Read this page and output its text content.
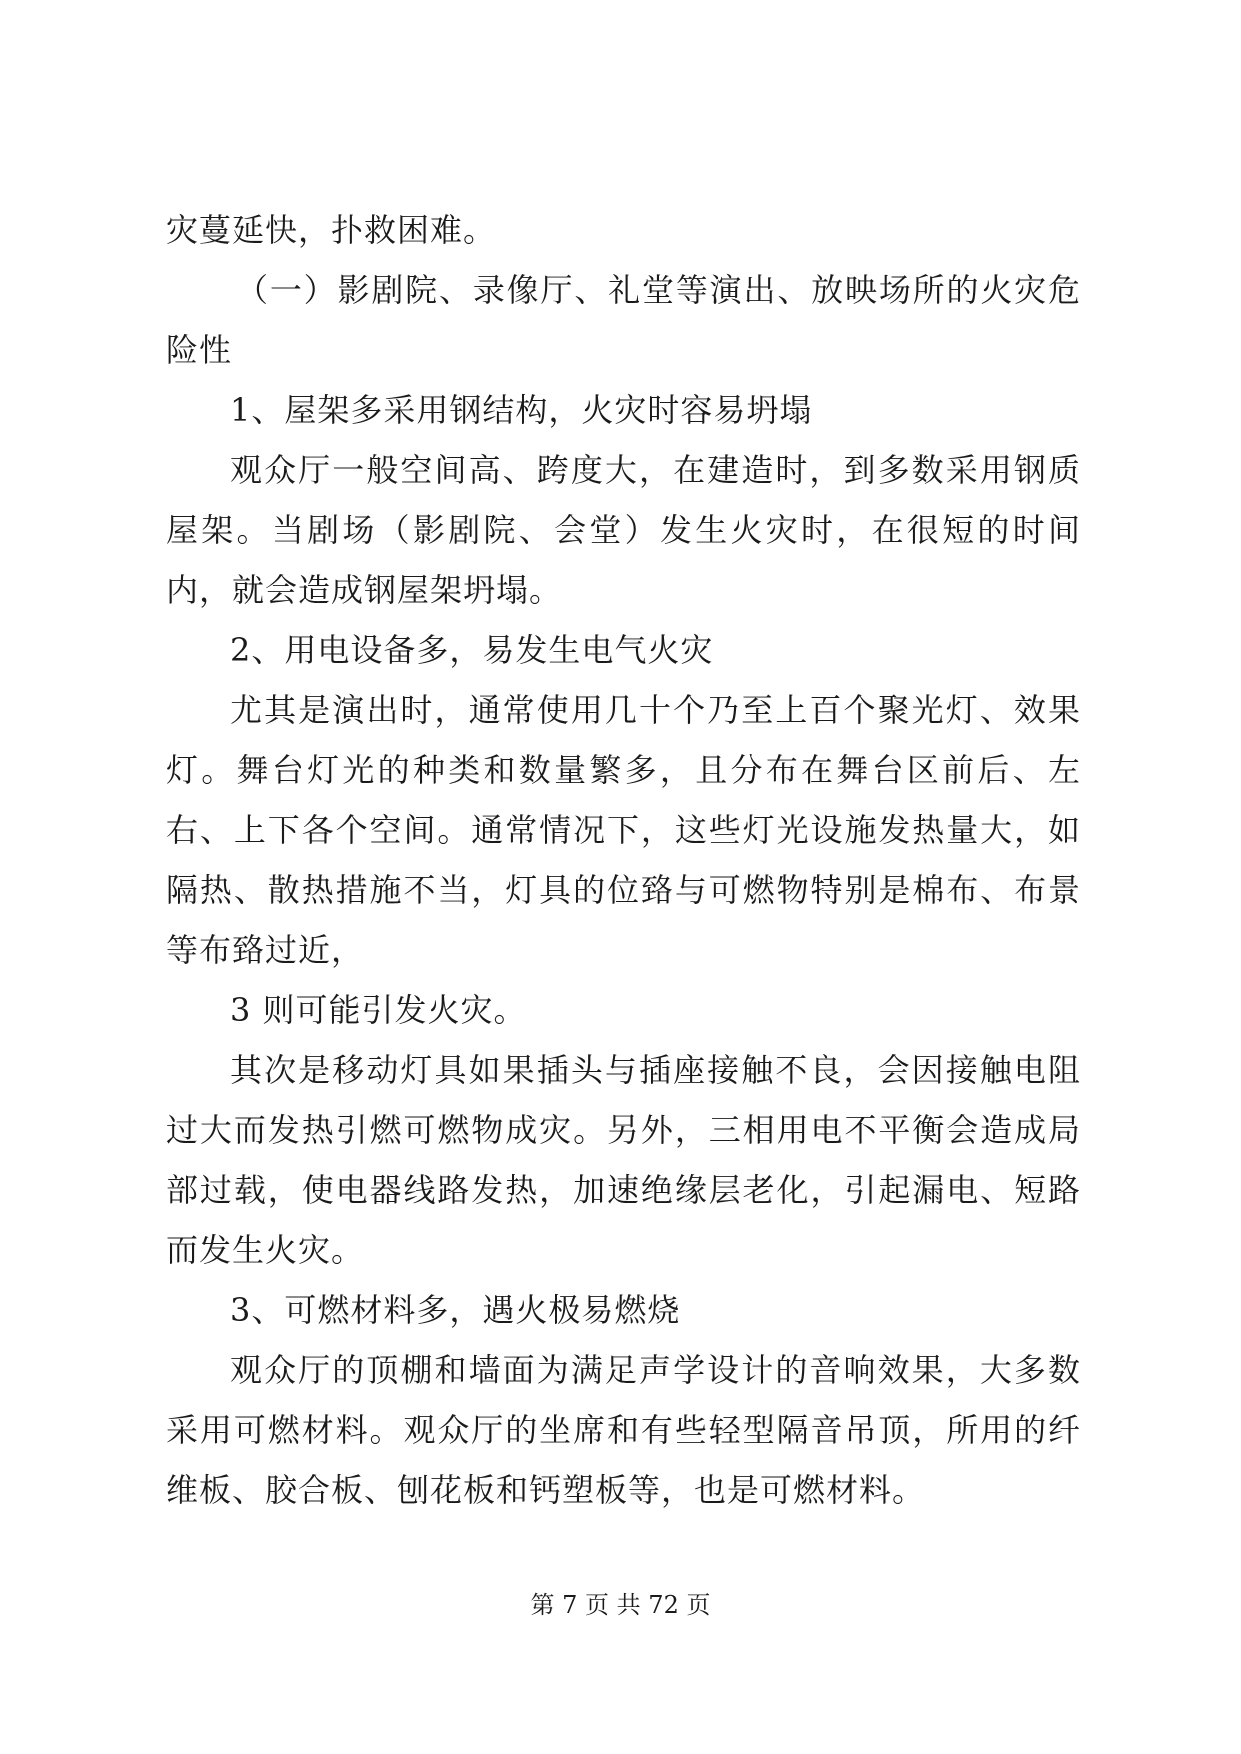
灾蔓延快，扑救困难。

（一）影剧院、录像厅、礼堂等演出、放映场所的火灾危险性

1、屋架多采用钢结构，火灾时容易坍塌

观众厅一般空间高、跨度大，在建造时，到多数采用钢质屋架。当剧场（影剧院、会堂）发生火灾时，在很短的时间内，就会造成钢屋架坍塌。

2、用电设备多，易发生电气火灾

尤其是演出时，通常使用几十个乃至上百个聚光灯、效果灯。舞台灯光的种类和数量繁多，且分布在舞台区前后、左右、上下各个空间。通常情况下，这些灯光设施发热量大，如隔热、散热措施不当，灯具的位臵与可燃物特别是棉布、布景等布臵过近，

3 则可能引发火灾。

其次是移动灯具如果插头与插座接触不良，会因接触电阻过大而发热引燃可燃物成灾。另外，三相用电不平衡会造成局部过载，使电器线路发热，加速绝缘层老化，引起漏电、短路而发生火灾。

3、可燃材料多，遇火极易燃烧

观众厅的顶棚和墙面为满足声学设计的音响效果，大多数采用可燃材料。观众厅的坐席和有些轻型隔音吊顶，所用的纤维板、胶合板、刨花板和钙塑板等，也是可燃材料。

第 7 页 共 72 页
